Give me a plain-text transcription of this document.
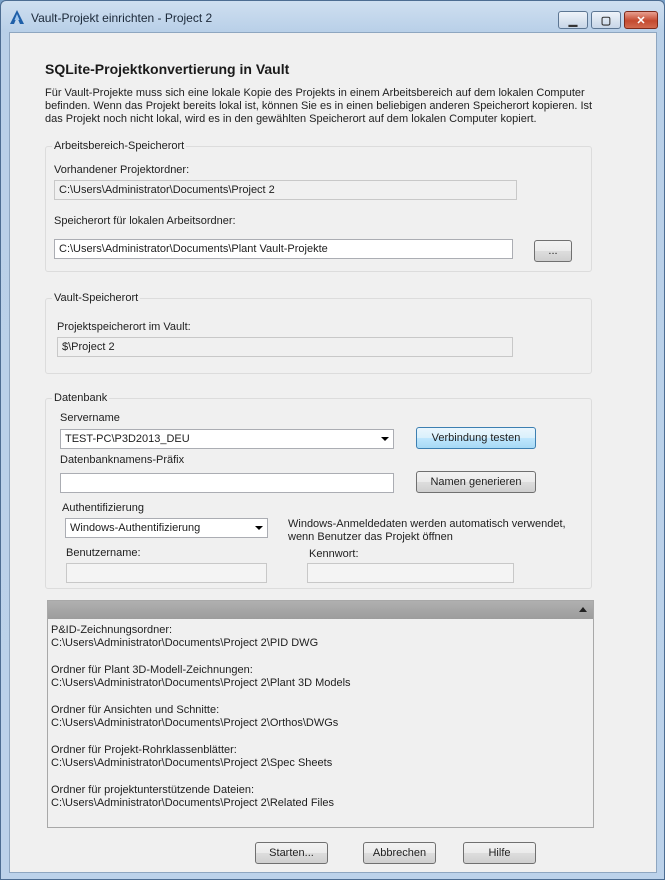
Vault-Projekt einrichten - Project 2	▁	▢	✕
SQLite-Projektkonvertierung in Vault
Für Vault-Projekte muss sich eine lokale Kopie des Projekts in einem Arbeitsbereich auf dem lokalen Computer
befinden. Wenn das Projekt bereits lokal ist, können Sie es in einen beliebigen anderen Speicherort kopieren. Ist
das Projekt noch nicht lokal, wird es in den gewählten Speicherort auf dem lokalen Computer kopiert.
Arbeitsbereich-Speicherort
Vorhandener Projektordner:
C:\Users\Administrator\Documents\Project 2
Speicherort für lokalen Arbeitsordner:
C:\Users\Administrator\Documents\Plant Vault-Projekte	...
Vault-Speicherort
Projektspeicherort im Vault:
$\Project 2
Datenbank
Servername
TEST-PC\P3D2013_DEU	Verbindung testen
Datenbanknamens-Präfix
Namen generieren
Authentifizierung
Windows-Authentifizierung	Windows-Anmeldedaten werden automatisch verwendet,
wenn Benutzer das Projekt öffnen
Benutzername:	Kennwort:
P&ID-Zeichnungsordner:
C:\Users\Administrator\Documents\Project 2\PID DWG
Ordner für Plant 3D-Modell-Zeichnungen:
C:\Users\Administrator\Documents\Project 2\Plant 3D Models
Ordner für Ansichten und Schnitte:
C:\Users\Administrator\Documents\Project 2\Orthos\DWGs
Ordner für Projekt-Rohrklassenblätter:
C:\Users\Administrator\Documents\Project 2\Spec Sheets
Ordner für projektunterstützende Dateien:
C:\Users\Administrator\Documents\Project 2\Related Files
Starten...	Abbrechen	Hilfe
